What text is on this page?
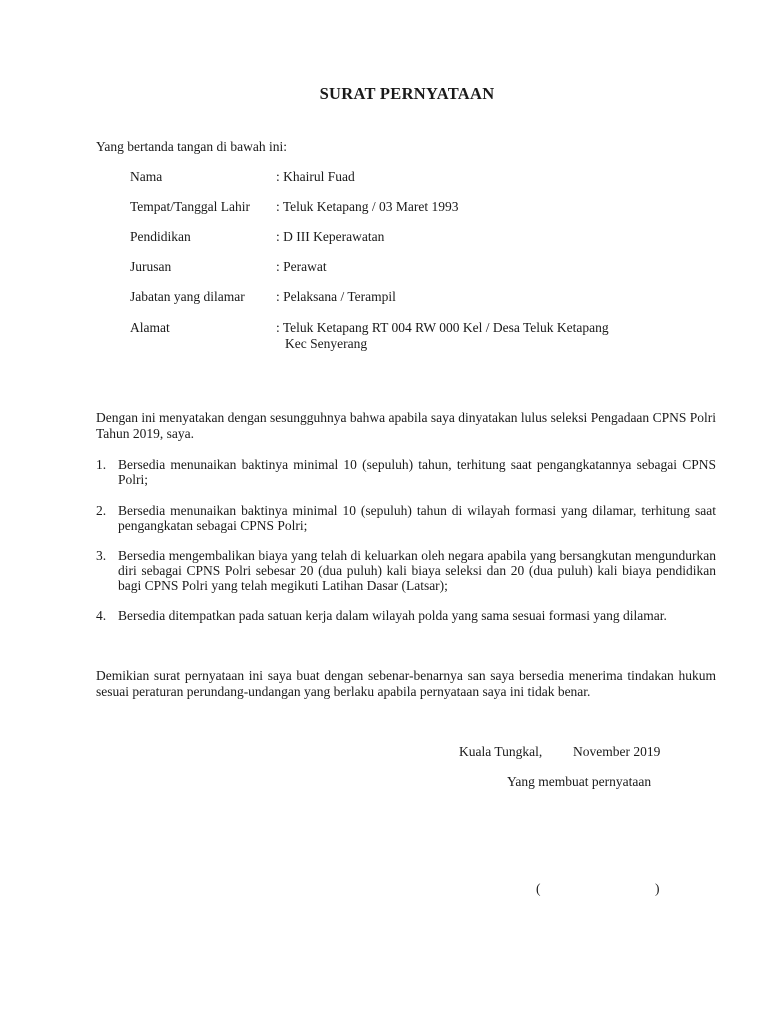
SURAT PERNYATAAN
Yang bertanda tangan di bawah ini:
Nama	: Khairul Fuad
Tempat/Tanggal Lahir : Teluk Ketapang / 03 Maret 1993
Pendidikan	: D III Keperawatan
Jurusan	: Perawat
Jabatan yang dilamar : Pelaksana / Terampil
Alamat	: Teluk Ketapang RT 004 RW 000 Kel / Desa Teluk Ketapang
Kec Senyerang
Dengan ini menyatakan dengan sesungguhnya bahwa apabila saya dinyatakan lulus seleksi Pengadaan CPNS Polri Tahun 2019, saya.
1. Bersedia menunaikan baktinya minimal 10 (sepuluh) tahun, terhitung saat pengangkatannya sebagai CPNS Polri;
2. Bersedia menunaikan baktinya minimal 10 (sepuluh) tahun di wilayah formasi yang dilamar, terhitung saat pengangkatan sebagai CPNS Polri;
3. Bersedia mengembalikan biaya yang telah di keluarkan oleh negara apabila yang bersangkutan mengundurkan diri sebagai CPNS Polri sebesar 20 (dua puluh) kali biaya seleksi dan 20 (dua puluh) kali biaya pendidikan bagi CPNS Polri yang telah megikuti Latihan Dasar (Latsar);
4. Bersedia ditempatkan pada satuan kerja dalam wilayah polda yang sama sesuai formasi yang dilamar.
Demikian surat pernyataan ini saya buat dengan sebenar-benarnya san saya bersedia menerima tindakan hukum sesuai peraturan perundang-undangan yang berlaku apabila pernyataan saya ini tidak benar.
Kuala Tungkal, November 2019
Yang membuat pernyataan
(	)
